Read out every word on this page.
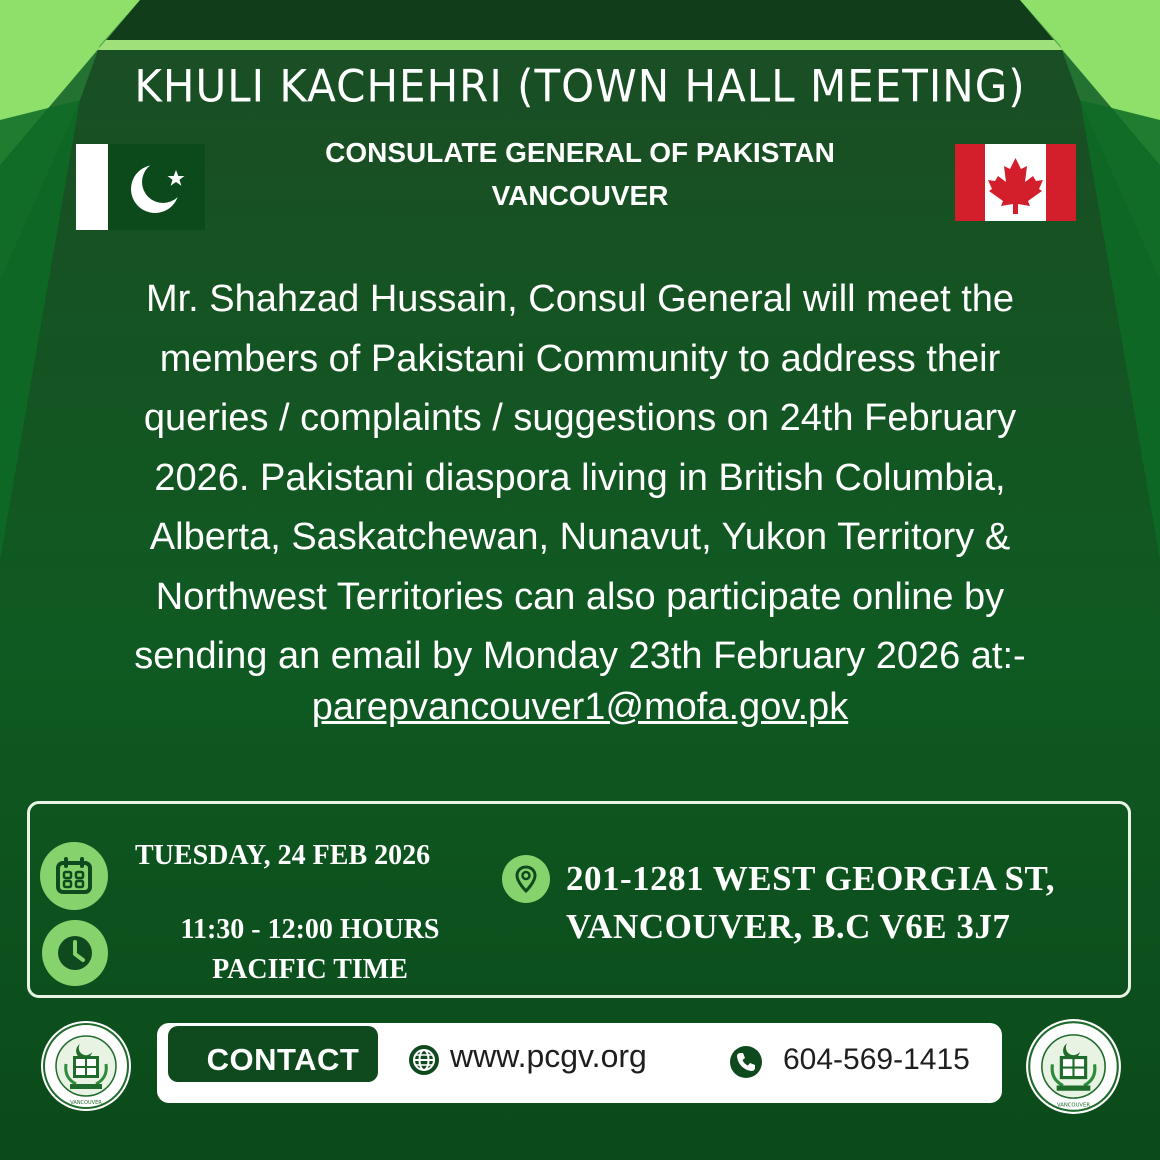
KHULI KACHEHRI (TOWN HALL MEETING)
CONSULATE GENERAL OF PAKISTAN
VANCOUVER
Mr. Shahzad Hussain, Consul General will meet the
members of Pakistani Community to address their
queries / complaints / suggestions on 24th February
2026. Pakistani diaspora living in British Columbia,
Alberta, Saskatchewan, Nunavut, Yukon Territory &
Northwest Territories can also participate online by
sending an email by Monday 23th February 2026 at:-
parepvancouver1@mofa.gov.pk
TUESDAY, 24 FEB 2026
11:30 - 12:00 HOURS
PACIFIC TIME
201-1281 WEST GEORGIA ST,
VANCOUVER, B.C V6E 3J7
CONTACT	www.pcgv.org	604-569-1415
VANCOUVER	VANCOUVER
